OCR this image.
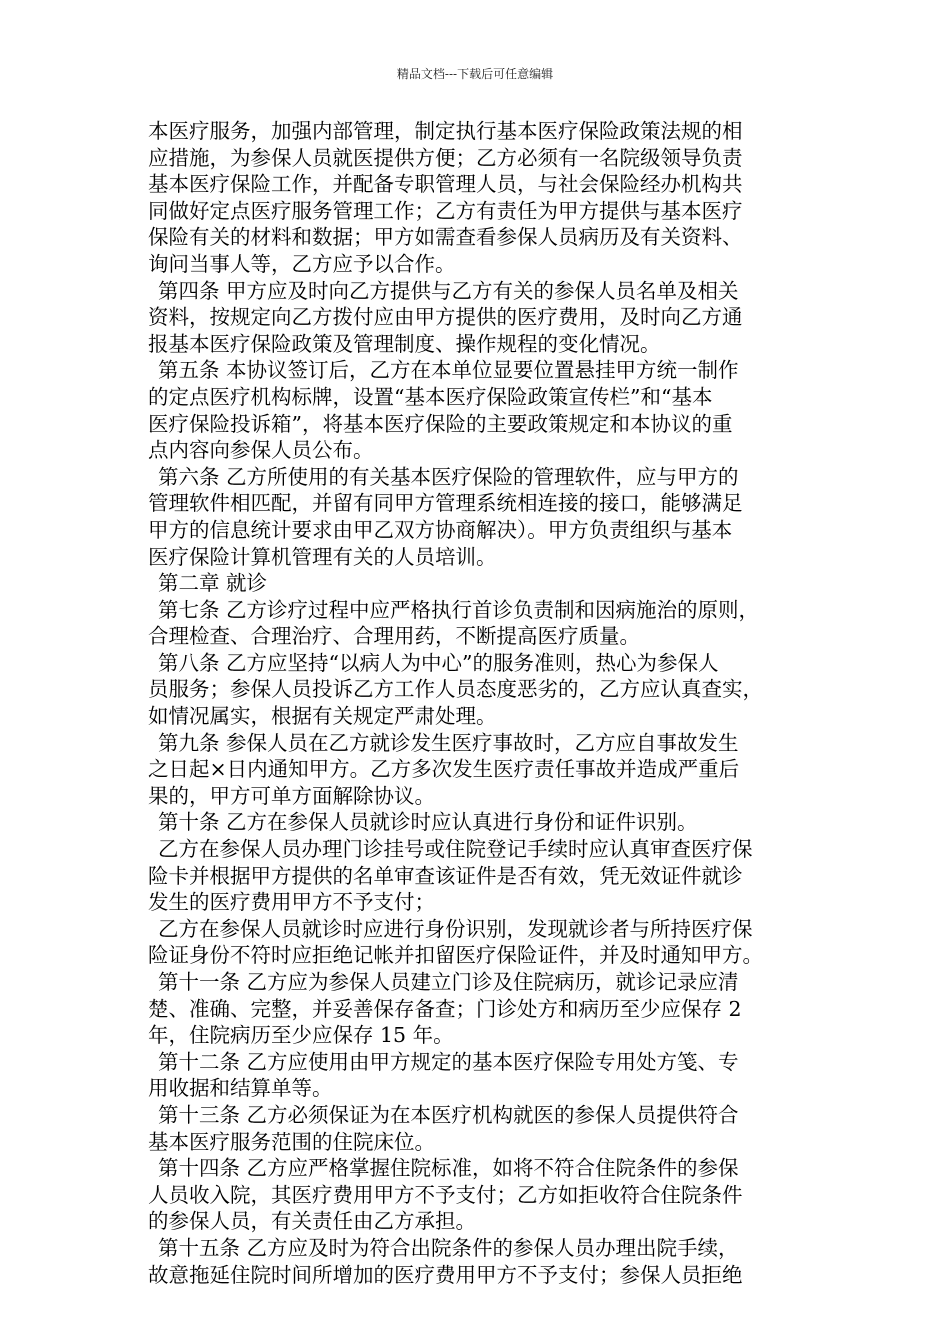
精品文档---下载后可任意编辑
本医疗服务，加强内部管理，制定执行基本医疗保险政策法规的相
应措施，为参保人员就医提供方便；乙方必须有一名院级领导负责
基本医疗保险工作，并配备专职管理人员，与社会保险经办机构共
同做好定点医疗服务管理工作；乙方有责任为甲方提供与基本医疗
保险有关的材料和数据；甲方如需查看参保人员病历及有关资料、
询问当事人等，乙方应予以合作。
第四条 甲方应及时向乙方提供与乙方有关的参保人员名单及相关
资料，按规定向乙方拨付应由甲方提供的医疗费用，及时向乙方通
报基本医疗保险政策及管理制度、操作规程的变化情况。
第五条 本协议签订后，乙方在本单位显要位置悬挂甲方统一制作
的定点医疗机构标牌，设置“基本医疗保险政策宣传栏”和“基本
医疗保险投诉箱”，将基本医疗保险的主要政策规定和本协议的重
点内容向参保人员公布。
第六条 乙方所使用的有关基本医疗保险的管理软件，应与甲方的
管理软件相匹配，并留有同甲方管理系统相连接的接口，能够满足
甲方的信息统计要求由甲乙双方协商解决）。甲方负责组织与基本
医疗保险计算机管理有关的人员培训。
第二章 就诊
第七条 乙方诊疗过程中应严格执行首诊负责制和因病施治的原则，
合理检查、合理治疗、合理用药，不断提高医疗质量。
第八条 乙方应坚持“以病人为中心”的服务准则，热心为参保人
员服务；参保人员投诉乙方工作人员态度恶劣的，乙方应认真查实，
如情况属实，根据有关规定严肃处理。
第九条 参保人员在乙方就诊发生医疗事故时，乙方应自事故发生
之日起×日内通知甲方。乙方多次发生医疗责任事故并造成严重后
果的，甲方可单方面解除协议。
第十条 乙方在参保人员就诊时应认真进行身份和证件识别。
乙方在参保人员办理门诊挂号或住院登记手续时应认真审查医疗保
险卡并根据甲方提供的名单审查该证件是否有效，凭无效证件就诊
发生的医疗费用甲方不予支付；
乙方在参保人员就诊时应进行身份识别，发现就诊者与所持医疗保
险证身份不符时应拒绝记帐并扣留医疗保险证件，并及时通知甲方。
第十一条 乙方应为参保人员建立门诊及住院病历，就诊记录应清
楚、准确、完整，并妥善保存备查；门诊处方和病历至少应保存 2
年，住院病历至少应保存 15 年。
第十二条 乙方应使用由甲方规定的基本医疗保险专用处方笺、专
用收据和结算单等。
第十三条 乙方必须保证为在本医疗机构就医的参保人员提供符合
基本医疗服务范围的住院床位。
第十四条 乙方应严格掌握住院标准，如将不符合住院条件的参保
人员收入院，其医疗费用甲方不予支付；乙方如拒收符合住院条件
的参保人员，有关责任由乙方承担。
第十五条 乙方应及时为符合出院条件的参保人员办理出院手续，
故意拖延住院时间所增加的医疗费用甲方不予支付；参保人员拒绝
